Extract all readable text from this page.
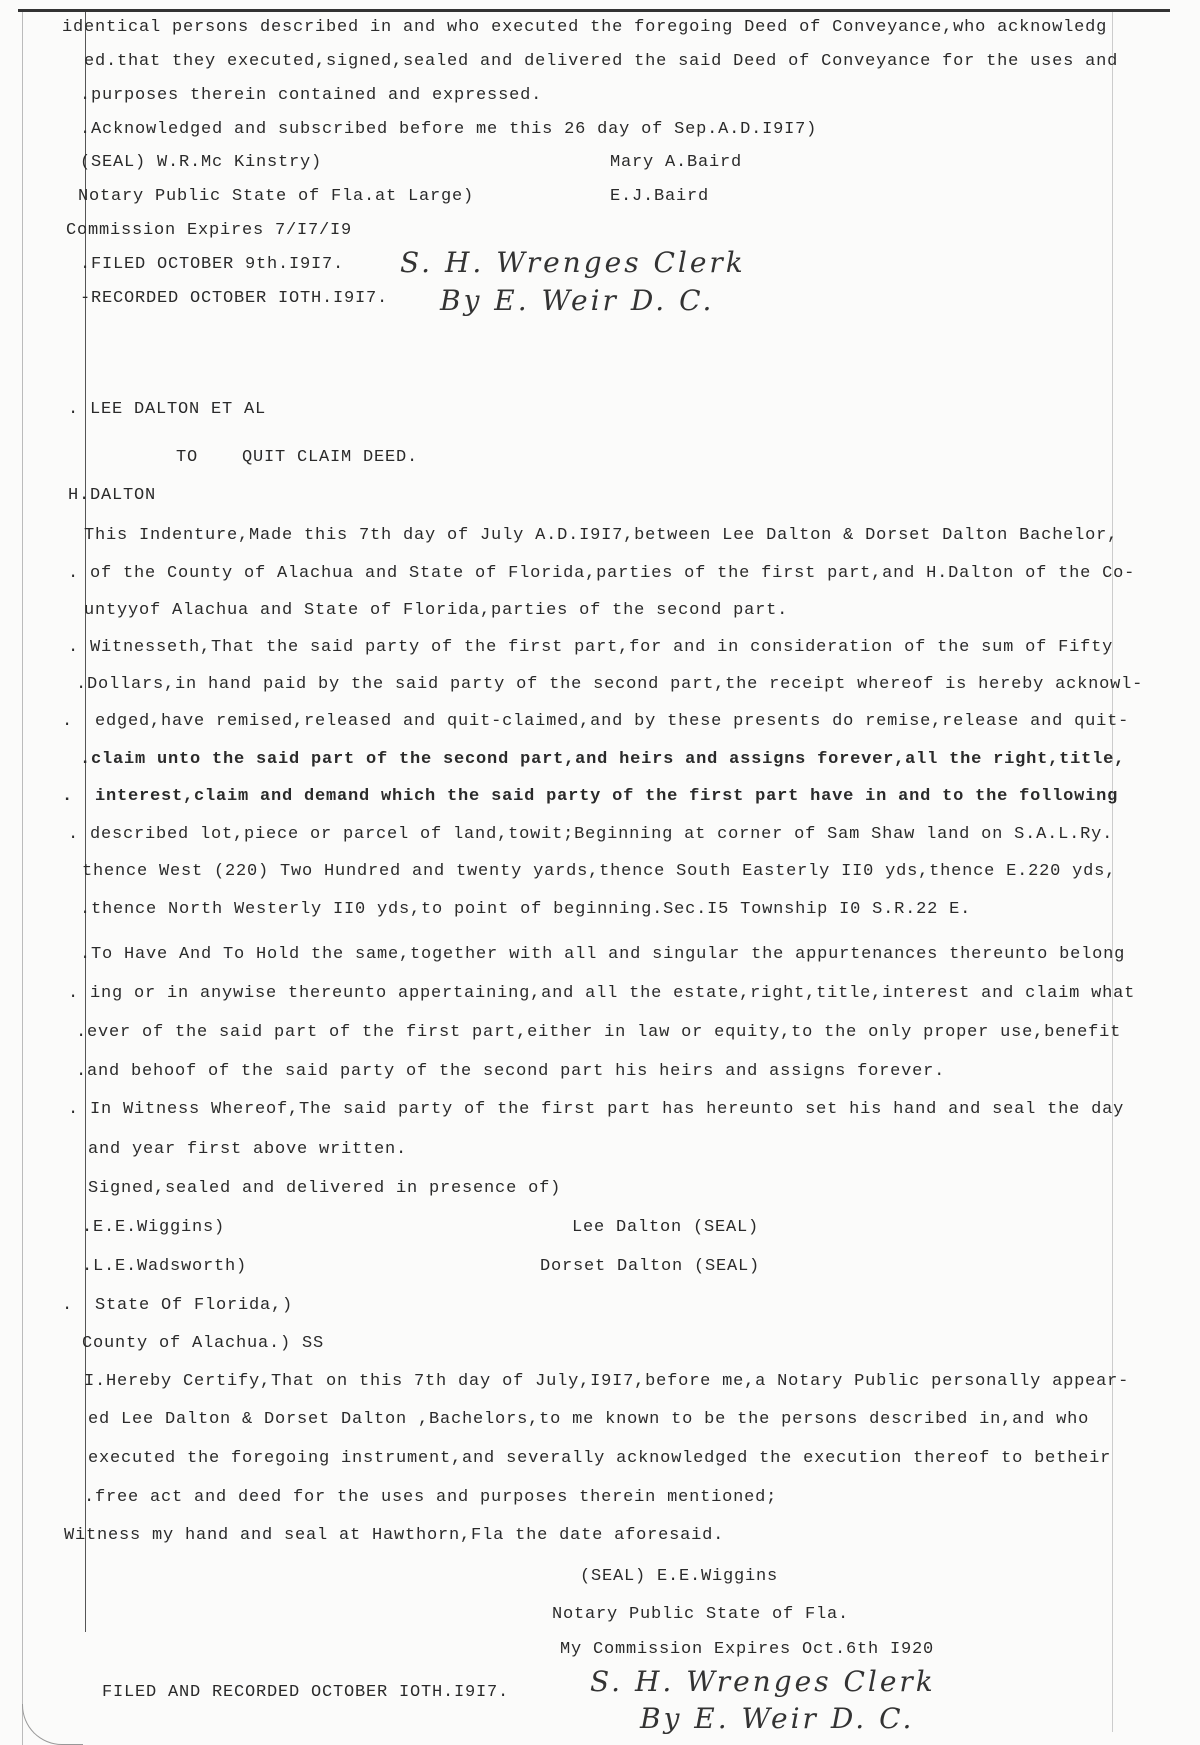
identical persons described in and who executed the foregoing Deed of Conveyance,who acknowledg
ed.that they executed,signed,sealed and delivered the said Deed of Conveyance for the uses and
.purposes therein contained and expressed.
.Acknowledged and subscribed before me this 26 day of Sep.A.D.I9I7)
(SEAL) W.R.Mc Kinstry)	Mary A.Baird
Notary Public State of Fla.at Large)	E.J.Baird
Commission Expires 7/I7/I9
.FILED OCTOBER 9th.I9I7.
-RECORDED OCTOBER IOTH.I9I7.
S. H. Wrenges Clerk
By E. Weir D. C.
. LEE DALTON ET AL
TO    QUIT CLAIM DEED.
H.DALTON
This Indenture,Made this 7th day of July A.D.I9I7,between Lee Dalton & Dorset Dalton Bachelor,
. of the County of Alachua and State of Florida,parties of the first part,and H.Dalton of the Co-
untyyof Alachua and State of Florida,parties of the second part.
. Witnesseth,That the said party of the first part,for and in consideration of the sum of Fifty
.Dollars,in hand paid by the said party of the second part,the receipt whereof is hereby acknowl-
.  edged,have remised,released and quit-claimed,and by these presents do remise,release and quit-
.claim unto the said part of the second part,and heirs and assigns forever,all the right,title,
.  interest,claim and demand which the said party of the first part have in and to the following
. described lot,piece or parcel of land,towit;Beginning at corner of Sam Shaw land on S.A.L.Ry.
thence West (220) Two Hundred and twenty yards,thence South Easterly II0 yds,thence E.220 yds,
.thence North Westerly II0 yds,to point of beginning.Sec.I5 Township I0 S.R.22 E.
.To Have And To Hold the same,together with all and singular the appurtenances thereunto belong
. ing or in anywise thereunto appertaining,and all the estate,right,title,interest and claim what
.ever of the said part of the first part,either in law or equity,to the only proper use,benefit
.and behoof of the said party of the second part his heirs and assigns forever.
. In Witness Whereof,The said party of the first part has hereunto set his hand and seal the day
and year first above written.
Signed,sealed and delivered in presence of)
.E.E.Wiggins)	Lee Dalton (SEAL)
.L.E.Wadsworth)	Dorset Dalton (SEAL)
.  State Of Florida,)
County of Alachua.) SS
I.Hereby Certify,That on this 7th day of July,I9I7,before me,a Notary Public personally appear-
ed Lee Dalton & Dorset Dalton ,Bachelors,to me known to be the persons described in,and who
executed the foregoing instrument,and severally acknowledged the execution thereof to betheir
.free act and deed for the uses and purposes therein mentioned;
Witness my hand and seal at Hawthorn,Fla the date aforesaid.
(SEAL) E.E.Wiggins
Notary Public State of Fla.
My Commission Expires Oct.6th I920
FILED AND RECORDED OCTOBER IOTH.I9I7.	S. H. Wrenges Clerk
By E. Weir D. C.
